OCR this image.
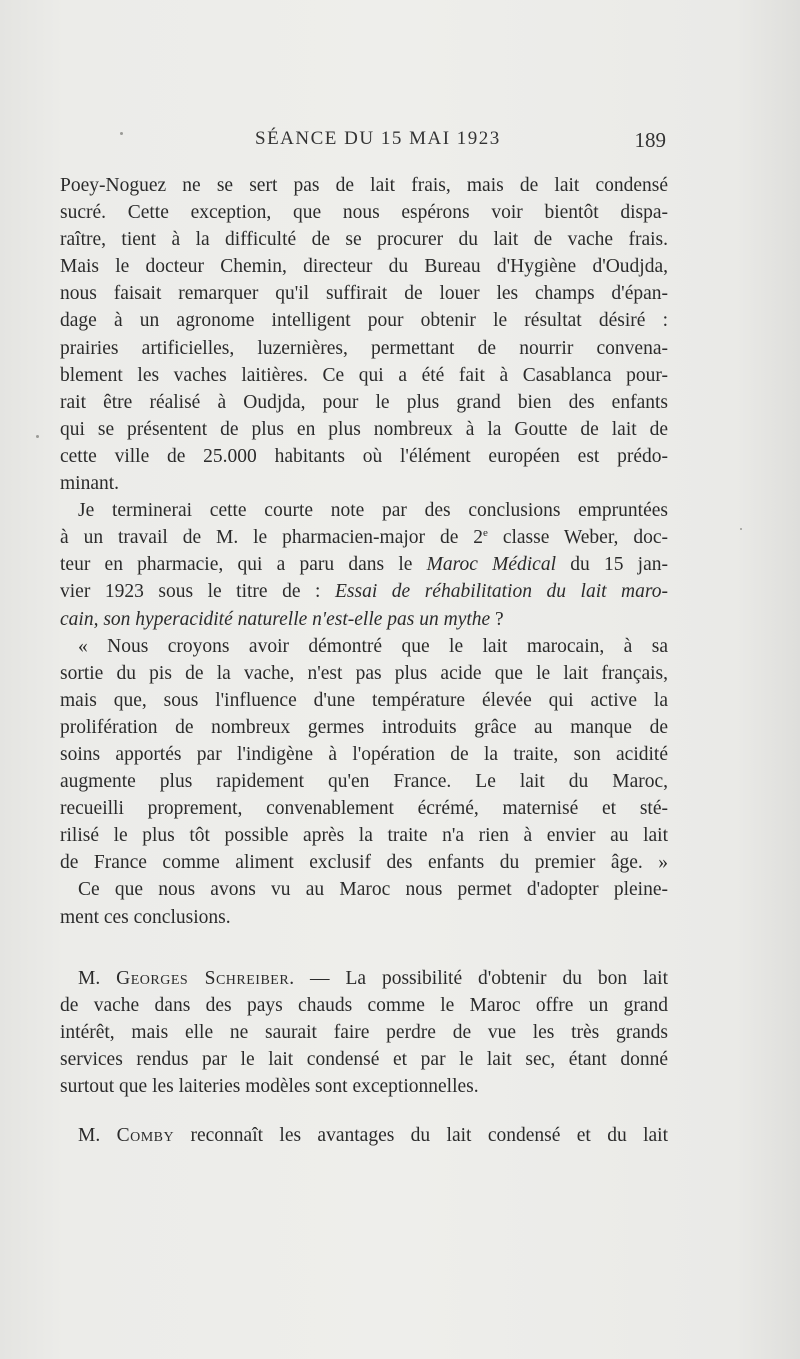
SÉANCE DU 15 MAI 1923	189
Poey-Noguez ne se sert pas de lait frais, mais de lait condensé
sucré. Cette exception, que nous espérons voir bientôt dispa-
raître, tient à la difficulté de se procurer du lait de vache frais.
Mais le docteur Chemin, directeur du Bureau d'Hygiène d'Oudjda,
nous faisait remarquer qu'il suffirait de louer les champs d'épan-
dage à un agronome intelligent pour obtenir le résultat désiré :
prairies artificielles, luzernières, permettant de nourrir convena-
blement les vaches laitières. Ce qui a été fait à Casablanca pour-
rait être réalisé à Oudjda, pour le plus grand bien des enfants
qui se présentent de plus en plus nombreux à la Goutte de lait de
cette ville de 25.000 habitants où l'élément européen est prédo-
minant.
Je terminerai cette courte note par des conclusions empruntées
à un travail de M. le pharmacien-major de 2e classe Weber, doc-
teur en pharmacie, qui a paru dans le Maroc Médical du 15 jan-
vier 1923 sous le titre de : Essai de réhabilitation du lait maro-
cain, son hyperacidité naturelle n'est-elle pas un mythe ?
« Nous croyons avoir démontré que le lait marocain, à sa
sortie du pis de la vache, n'est pas plus acide que le lait français,
mais que, sous l'influence d'une température élevée qui active la
prolifération de nombreux germes introduits grâce au manque de
soins apportés par l'indigène à l'opération de la traite, son acidité
augmente plus rapidement qu'en France. Le lait du Maroc,
recueilli proprement, convenablement écrémé, maternisé et sté-
rilisé le plus tôt possible après la traite n'a rien à envier au lait
de France comme aliment exclusif des enfants du premier âge. »
Ce que nous avons vu au Maroc nous permet d'adopter pleine-
ment ces conclusions.
M. Georges Schreiber. — La possibilité d'obtenir du bon lait
de vache dans des pays chauds comme le Maroc offre un grand
intérêt, mais elle ne saurait faire perdre de vue les très grands
services rendus par le lait condensé et par le lait sec, étant donné
surtout que les laiteries modèles sont exceptionnelles.
M. Comby reconnaît les avantages du lait condensé et du lait
